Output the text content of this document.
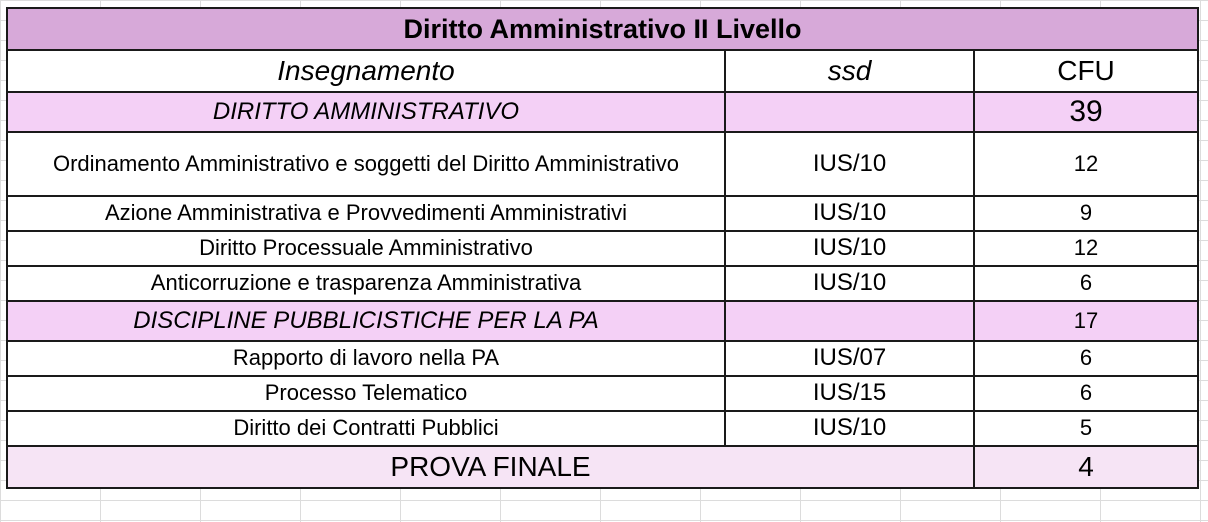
Diritto Amministrativo II Livello		
Insegnamento	ssd	CFU
DIRITTO AMMINISTRATIVO		39
Ordinamento Amministrativo e soggetti del Diritto Amministrativo	IUS/10	12
Azione Amministrativa e Provvedimenti Amministrativi	IUS/10	9
Diritto Processuale Amministrativo	IUS/10	12
Anticorruzione e trasparenza Amministrativa	IUS/10	6
DISCIPLINE PUBBLICISTICHE PER LA PA		17
Rapporto di lavoro nella PA	IUS/07	6
Processo Telematico	IUS/15	6
Diritto dei Contratti Pubblici	IUS/10	5
PROVA FINALE		4
